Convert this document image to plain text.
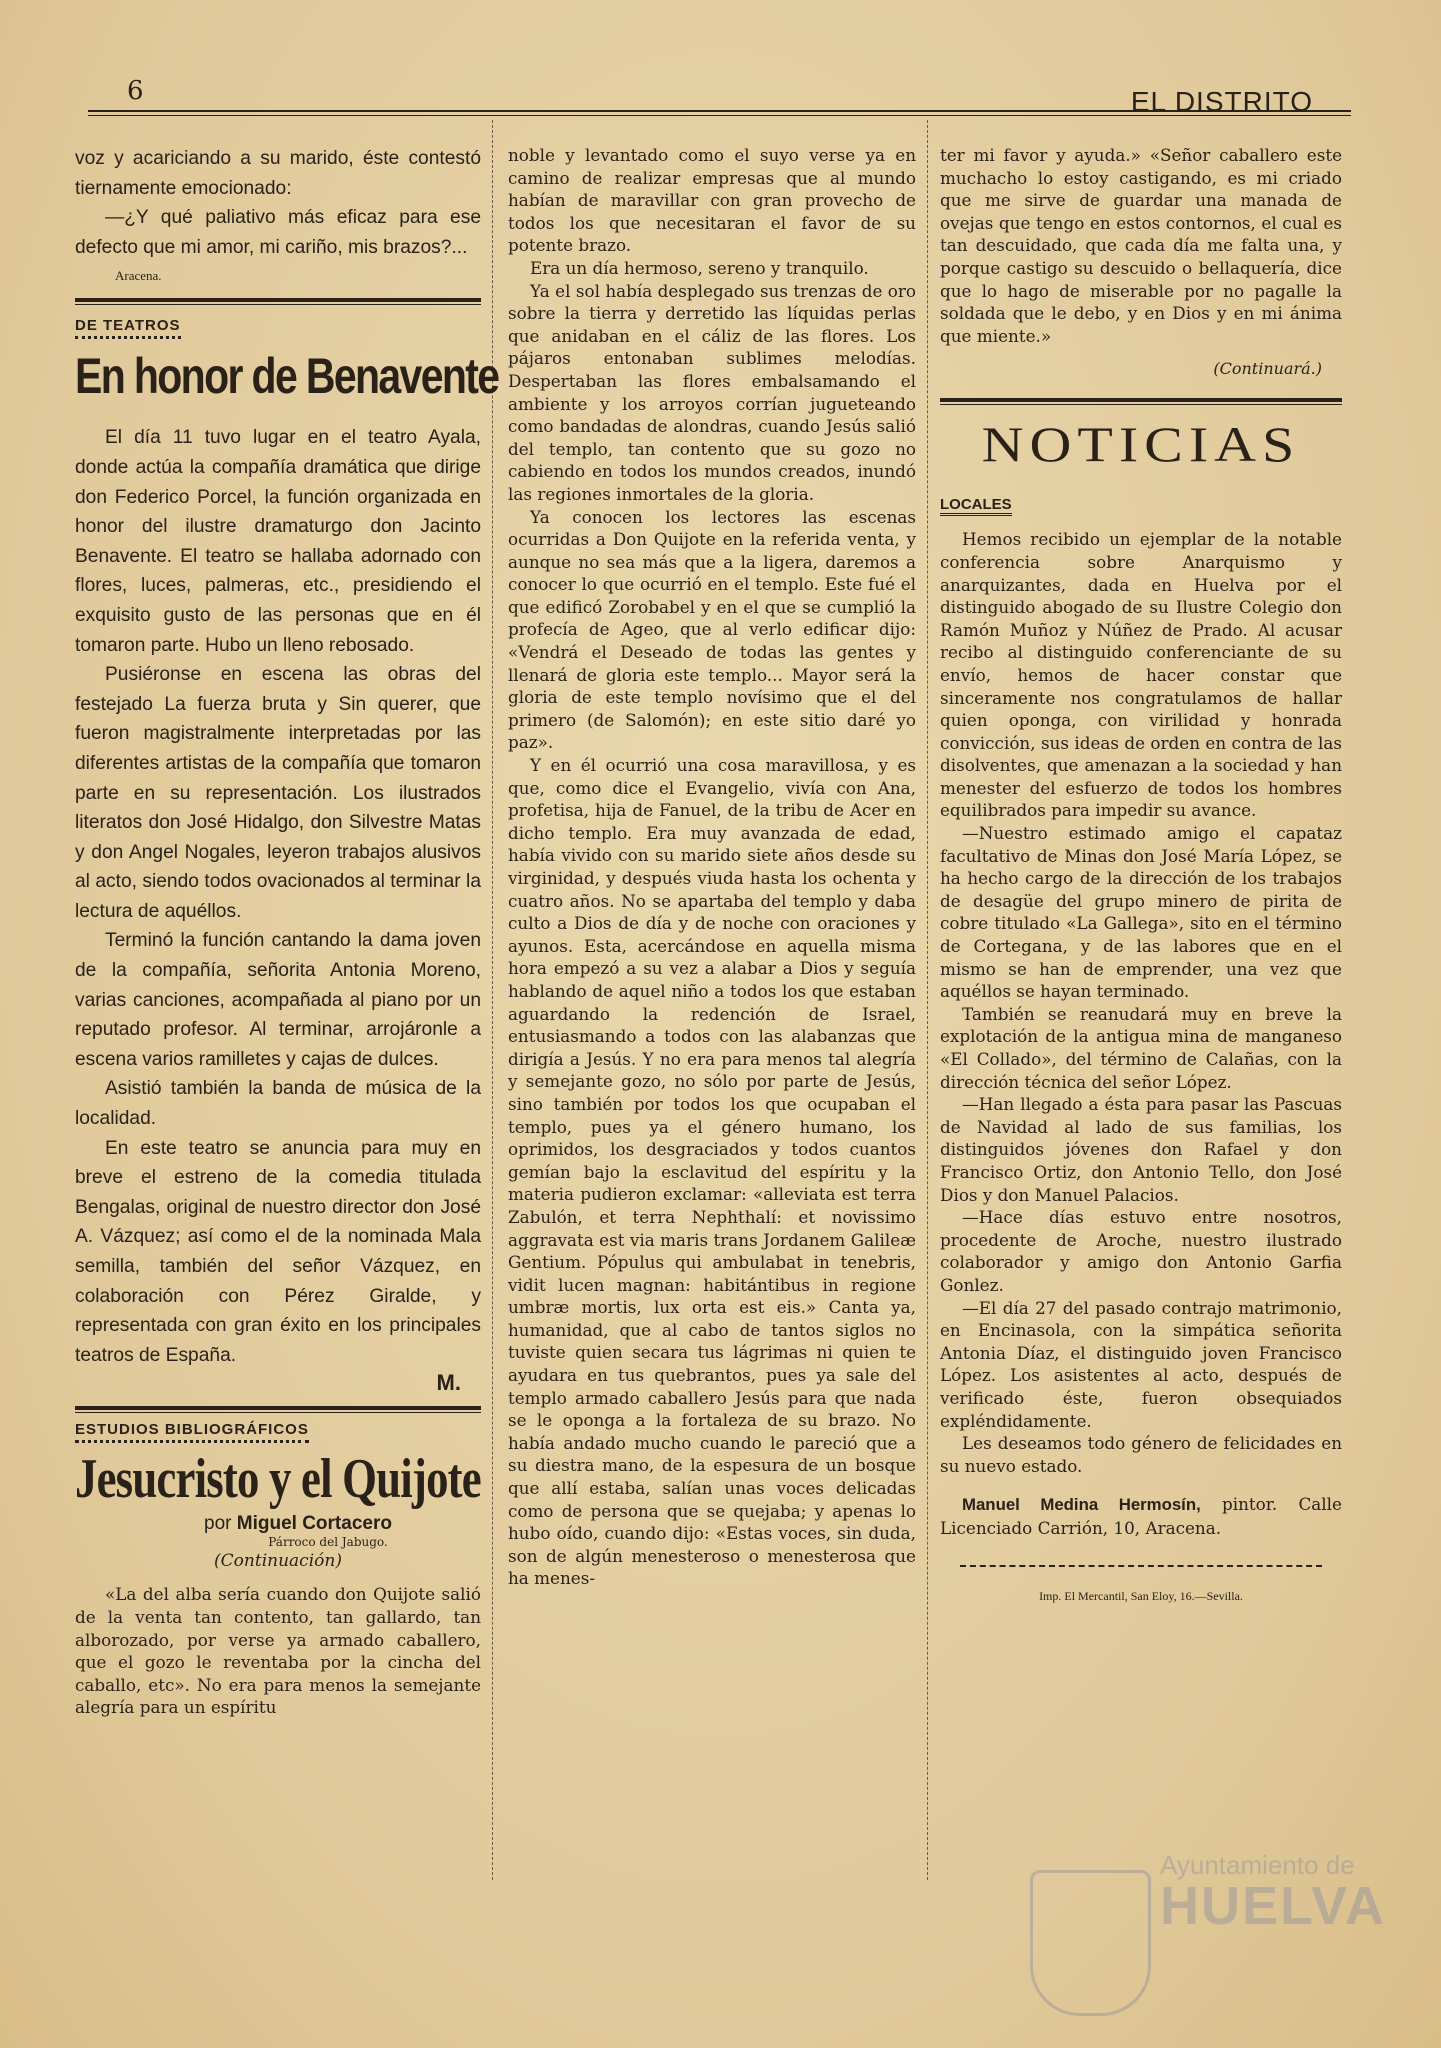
6	EL DISTRITO

voz y acariciando a su marido, éste contestó tiernamente emocionado:

—¿Y qué paliativo más eficaz para ese defecto que mi amor, mi cariño, mis brazos?...

Aracena.
DE TEATROS
En honor de Benavente

El día 11 tuvo lugar en el teatro Ayala, donde actúa la compañía dramática que dirige don Federico Porcel, la función organizada en honor del ilustre dramaturgo don Jacinto Benavente. El teatro se hallaba adornado con flores, luces, palmeras, etc., presidiendo el exquisito gusto de las personas que en él tomaron parte. Hubo un lleno rebosado.

Pusiéronse en escena las obras del festejado La fuerza bruta y Sin querer, que fueron magistralmente interpretadas por las diferentes artistas de la compañía que tomaron parte en su representación. Los ilustrados literatos don José Hidalgo, don Silvestre Matas y don Angel Nogales, leyeron trabajos alusivos al acto, siendo todos ovacionados al terminar la lectura de aquéllos.

Terminó la función cantando la dama joven de la compañía, señorita Antonia Moreno, varias canciones, acompañada al piano por un reputado profesor. Al terminar, arrojáronle a escena varios ramilletes y cajas de dulces.

Asistió también la banda de música de la localidad.

En este teatro se anuncia para muy en breve el estreno de la comedia titulada Bengalas, original de nuestro director don José A. Vázquez; así como el de la nominada Mala semilla, también del señor Vázquez, en colaboración con Pérez Giralde, y representada con gran éxito en los principales teatros de España.

M.
ESTUDIOS BIBLIOGRÁFICOS
Jesucristo y el Quijote
por Miguel Cortacero
Párroco del Jabugo.
(Continuación)

«La del alba sería cuando don Quijote salió de la venta tan contento, tan gallardo, tan alborozado, por verse ya armado caballero, que el gozo le reventaba por la cincha del caballo, etc». No era para menos la semejante alegría para un espíritu

noble y levantado como el suyo verse ya en camino de realizar empresas que al mundo habían de maravillar con gran provecho de todos los que necesitaran el favor de su potente brazo.

Era un día hermoso, sereno y tranquilo.

Ya el sol había desplegado sus trenzas de oro sobre la tierra y derretido las líquidas perlas que anidaban en el cáliz de las flores. Los pájaros entonaban sublimes melodías. Despertaban las flores embalsamando el ambiente y los arroyos corrían jugueteando como bandadas de alondras, cuando Jesús salió del templo, tan contento que su gozo no cabiendo en todos los mundos creados, inundó las regiones inmortales de la gloria.

Ya conocen los lectores las escenas ocurridas a Don Quijote en la referida venta, y aunque no sea más que a la ligera, daremos a conocer lo que ocurrió en el templo. Este fué el que edificó Zorobabel y en el que se cumplió la profecía de Ageo, que al verlo edificar dijo: «Vendrá el Deseado de todas las gentes y llenará de gloria este templo... Mayor será la gloria de este templo novísimo que el del primero (de Salomón); en este sitio daré yo paz».

Y en él ocurrió una cosa maravillosa, y es que, como dice el Evangelio, vivía con Ana, profetisa, hija de Fanuel, de la tribu de Acer en dicho templo. Era muy avanzada de edad, había vivido con su marido siete años desde su virginidad, y después viuda hasta los ochenta y cuatro años. No se apartaba del templo y daba culto a Dios de día y de noche con oraciones y ayunos. Esta, acercándose en aquella misma hora empezó a su vez a alabar a Dios y seguía hablando de aquel niño a todos los que estaban aguardando la redención de Israel, entusiasmando a todos con las alabanzas que dirigía a Jesús. Y no era para menos tal alegría y semejante gozo, no sólo por parte de Jesús, sino también por todos los que ocupaban el templo, pues ya el género humano, los oprimidos, los desgraciados y todos cuantos gemían bajo la esclavitud del espíritu y la materia pudieron exclamar: «alleviata est terra Zabulón, et terra Nephthalí: et novissimo aggravata est via maris trans Jordanem Galileæ Gentium. Pópulus qui ambulabat in tenebris, vidit lucen magnan: habitántibus in regione umbræ mortis, lux orta est eis.» Canta ya, humanidad, que al cabo de tantos siglos no tuviste quien secara tus lágrimas ni quien te ayudara en tus quebrantos, pues ya sale del templo armado caballero Jesús para que nada se le oponga a la fortaleza de su brazo. No había andado mucho cuando le pareció que a su diestra mano, de la espesura de un bosque que allí estaba, salían unas voces delicadas como de persona que se quejaba; y apenas lo hubo oído, cuando dijo: «Estas voces, sin duda, son de algún menesteroso o menesterosa que ha menes-

ter mi favor y ayuda.» «Señor caballero este muchacho lo estoy castigando, es mi criado que me sirve de guardar una manada de ovejas que tengo en estos contornos, el cual es tan descuidado, que cada día me falta una, y porque castigo su descuido o bellaquería, dice que lo hago de miserable por no pagalle la soldada que le debo, y en Dios y en mi ánima que miente.»

(Continuará.)
NOTICIAS
LOCALES

Hemos recibido un ejemplar de la notable conferencia sobre Anarquismo y anarquizantes, dada en Huelva por el distinguido abogado de su Ilustre Colegio don Ramón Muñoz y Núñez de Prado. Al acusar recibo al distinguido conferenciante de su envío, hemos de hacer constar que sinceramente nos congratulamos de hallar quien oponga, con virilidad y honrada convicción, sus ideas de orden en contra de las disolventes, que amenazan a la sociedad y han menester del esfuerzo de todos los hombres equilibrados para impedir su avance.

—Nuestro estimado amigo el capataz facultativo de Minas don José María López, se ha hecho cargo de la dirección de los trabajos de desagüe del grupo minero de pirita de cobre titulado «La Gallega», sito en el término de Cortegana, y de las labores que en el mismo se han de emprender, una vez que aquéllos se hayan terminado.

También se reanudará muy en breve la explotación de la antigua mina de manganeso «El Collado», del término de Calañas, con la dirección técnica del señor López.

—Han llegado a ésta para pasar las Pascuas de Navidad al lado de sus familias, los distinguidos jóvenes don Rafael y don Francisco Ortiz, don Antonio Tello, don José Dios y don Manuel Palacios.

—Hace días estuvo entre nosotros, procedente de Aroche, nuestro ilustrado colaborador y amigo don Antonio Garfia Gonlez.

—El día 27 del pasado contrajo matrimonio, en Encinasola, con la simpática señorita Antonia Díaz, el distinguido joven Francisco López. Los asistentes al acto, después de verificado éste, fueron obsequiados expléndidamente.

Les deseamos todo género de felicidades en su nuevo estado.

Manuel Medina Hermosín, pintor. Calle Licenciado Carrión, 10, Aracena.

Imp. El Mercantil, San Eloy, 16.—Sevilla.
Ayuntamiento de
HUELVA
